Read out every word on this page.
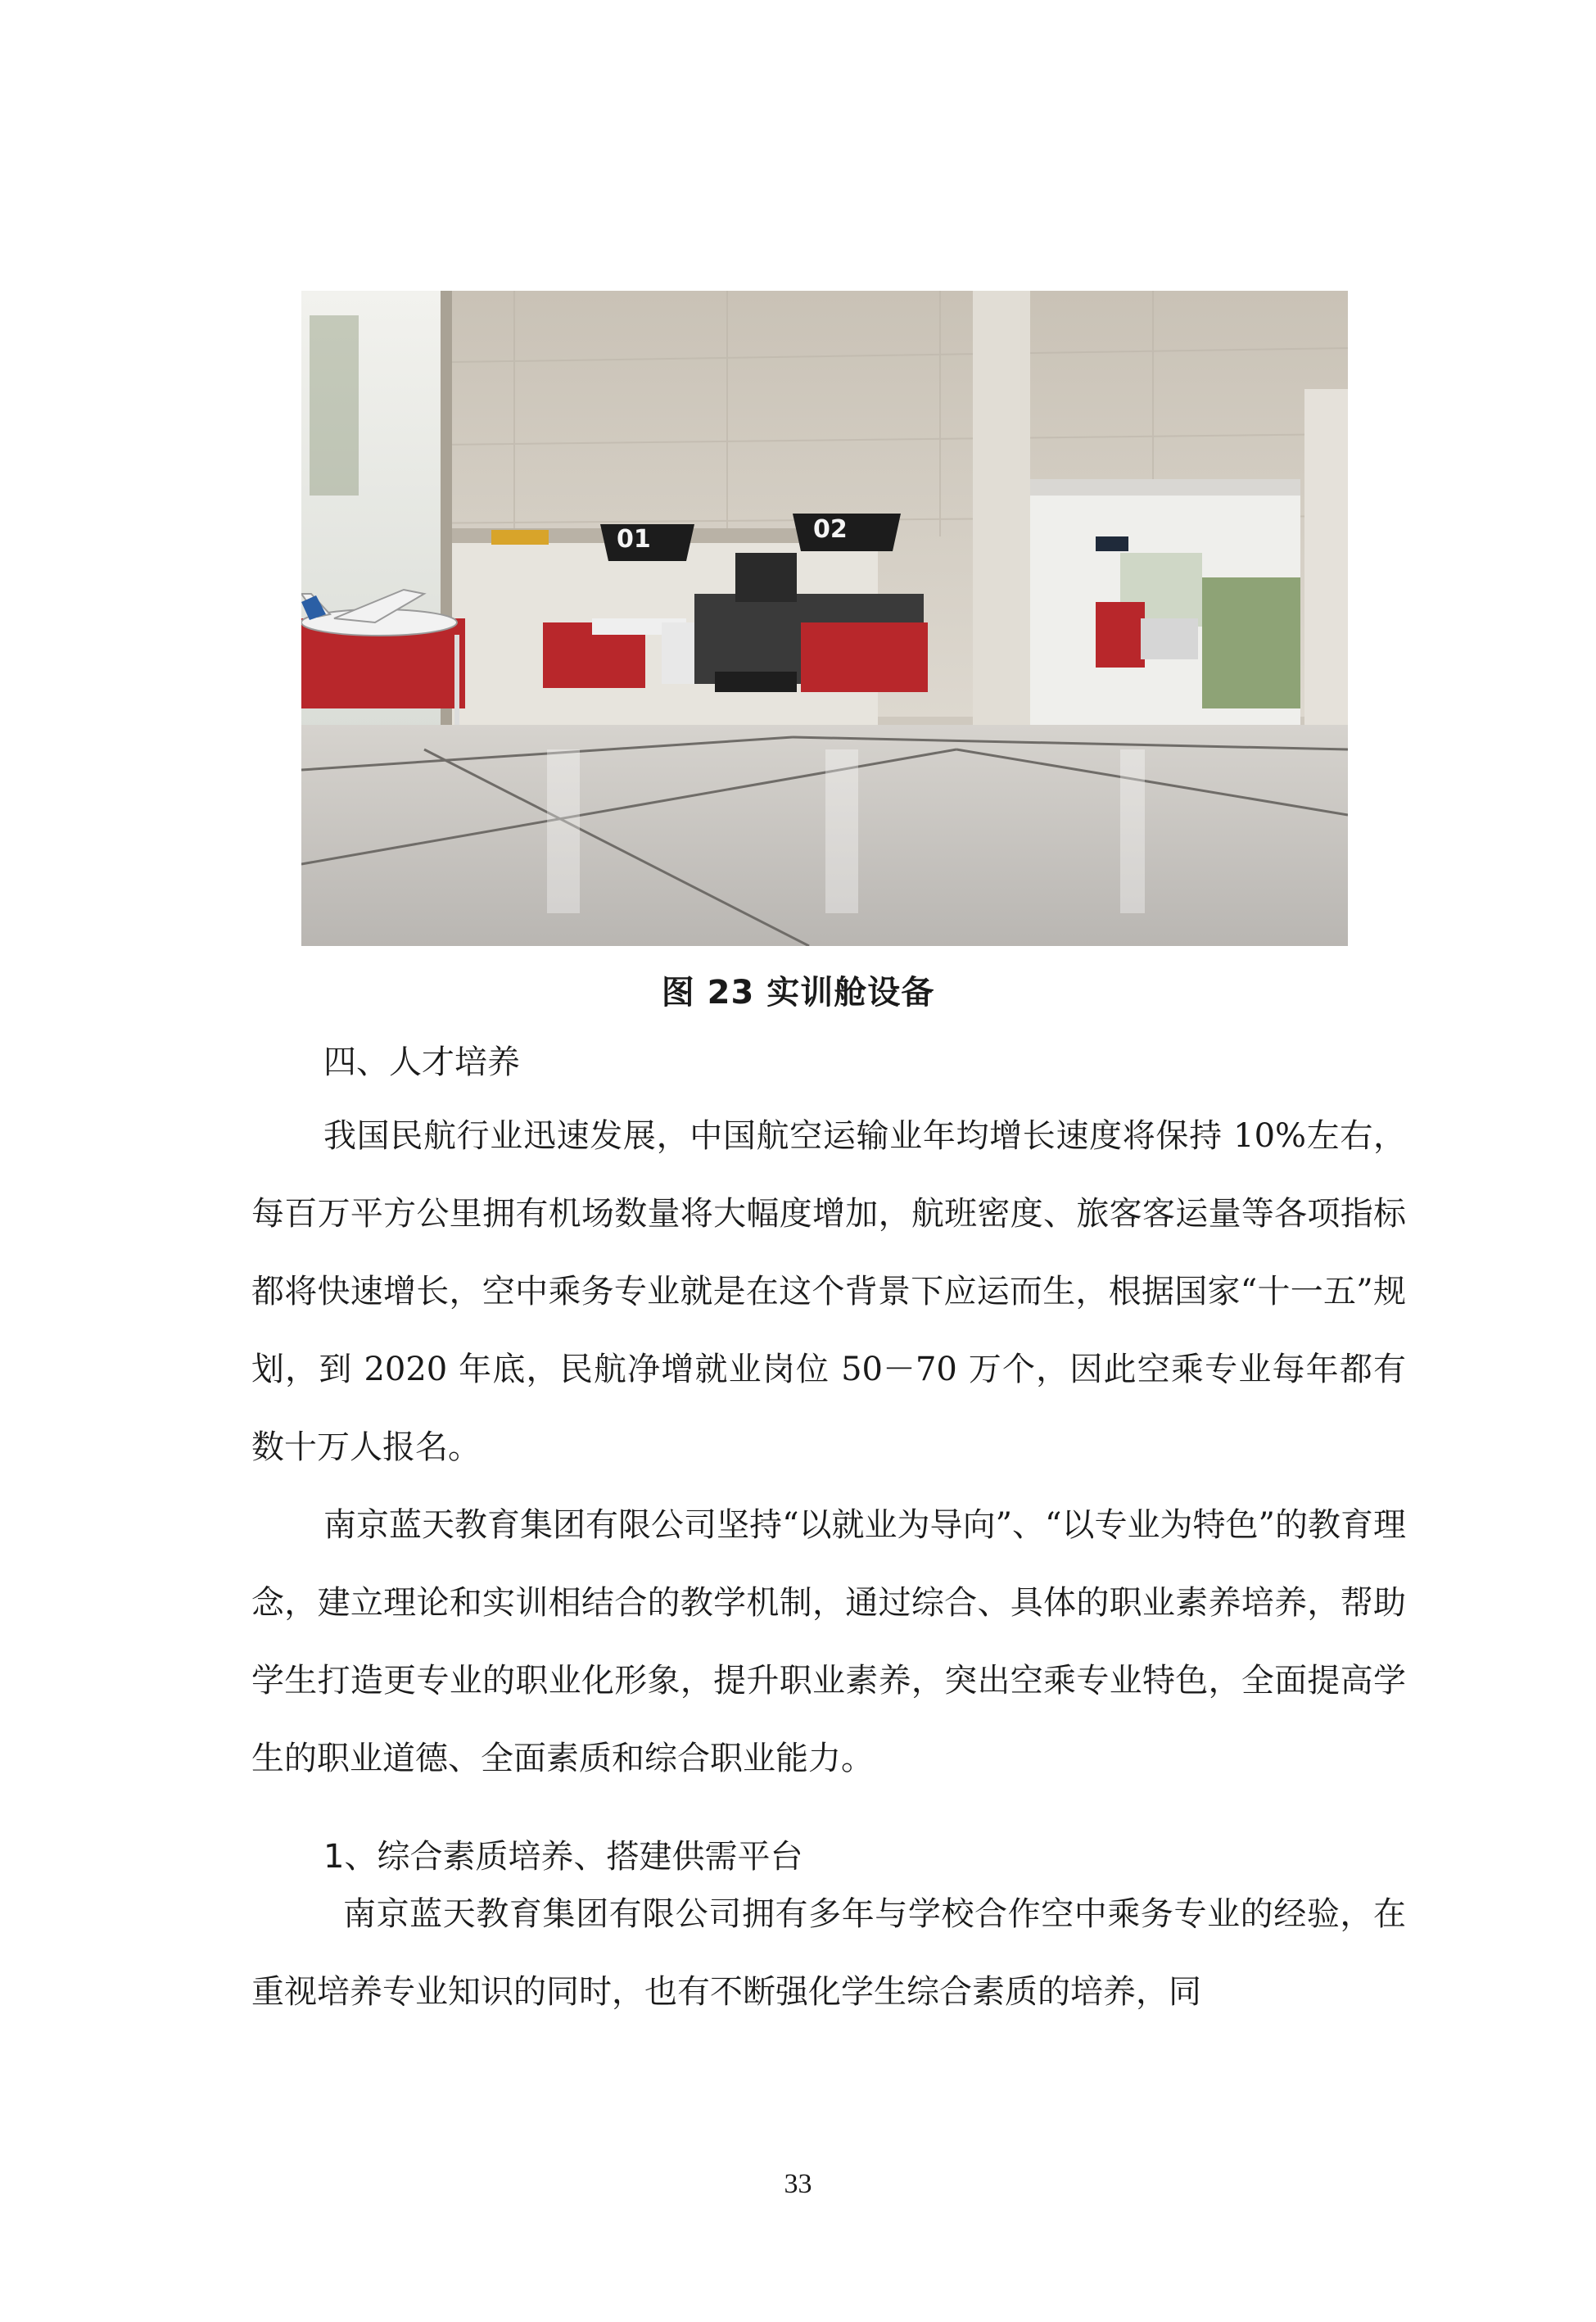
01	02
图 23 实训舱设备
四、人才培养

我国民航行业迅速发展，中国航空运输业年均增长速度将保持 10%左右，每百万平方公里拥有机场数量将大幅度增加，航班密度、旅客客运量等各项指标都将快速增长，空中乘务专业就是在这个背景下应运而生，根据国家“十一五”规划，到 2020 年底，民航净增就业岗位 50－70 万个，因此空乘专业每年都有数十万人报名。

南京蓝天教育集团有限公司坚持“以就业为导向”、“以专业为特色”的教育理念，建立理论和实训相结合的教学机制，通过综合、具体的职业素养培养，帮助学生打造更专业的职业化形象，提升职业素养，突出空乘专业特色，全面提高学生的职业道德、全面素质和综合职业能力。

1、综合素质培养、搭建供需平台

南京蓝天教育集团有限公司拥有多年与学校合作空中乘务专业的经验，在重视培养专业知识的同时，也有不断强化学生综合素质的培养，同

33
